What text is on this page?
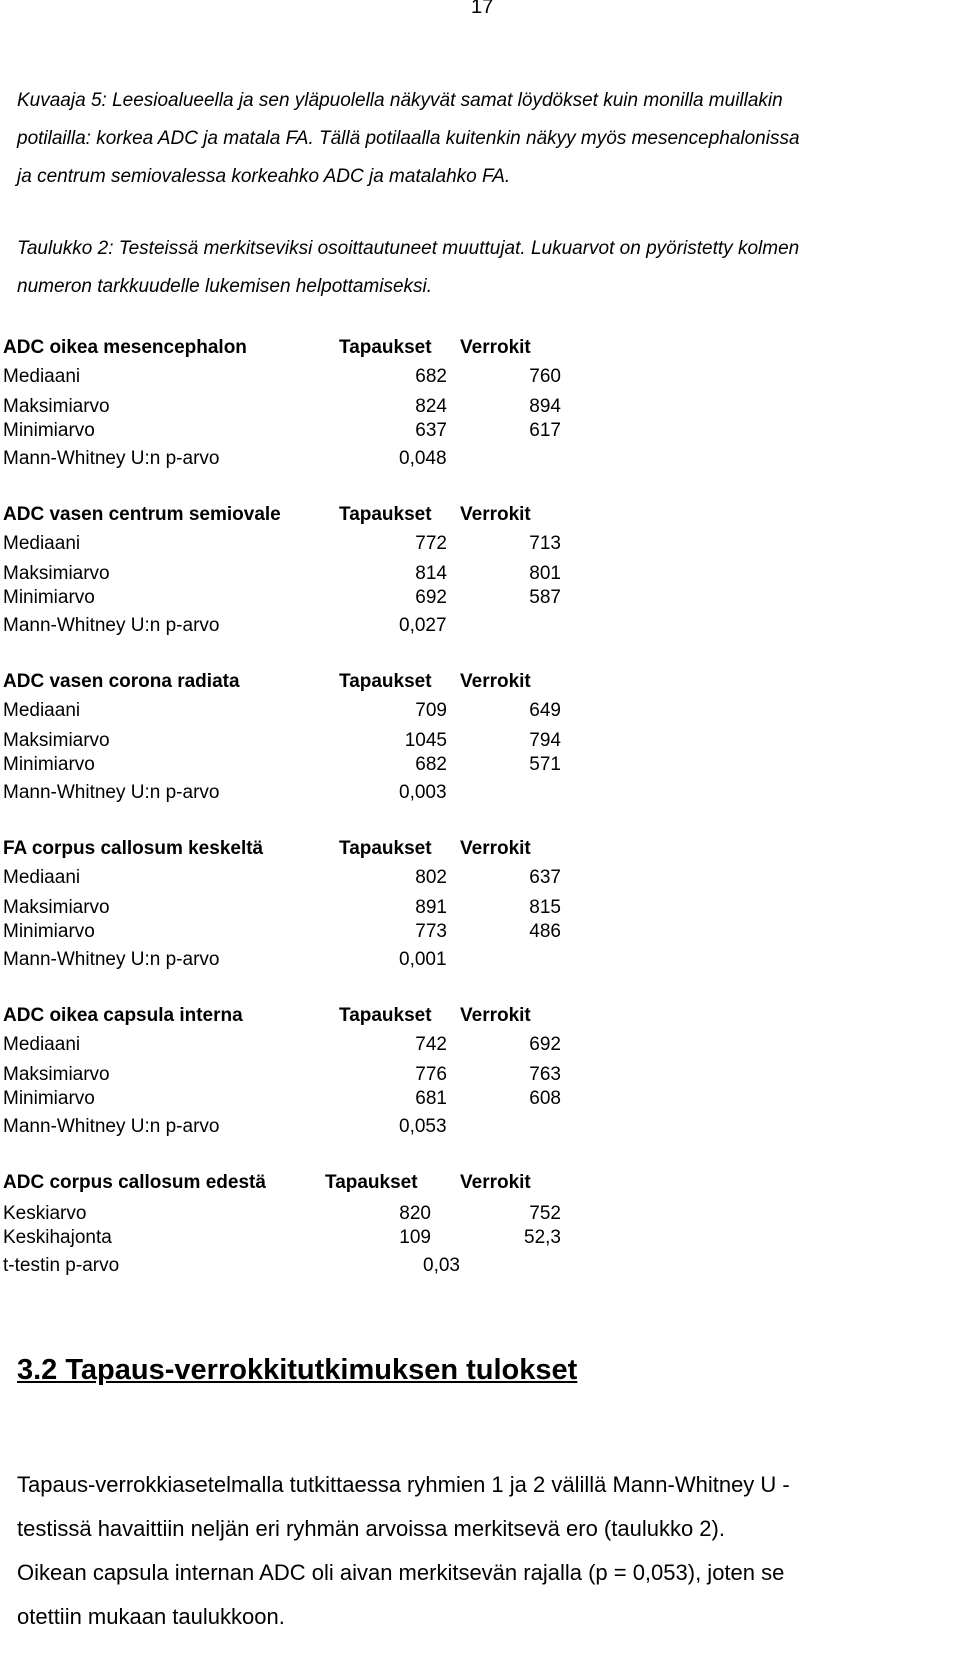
17
Kuvaaja 5: Leesioalueella ja sen yläpuolella näkyvät samat löydökset kuin monilla muillakin
potilailla: korkea ADC ja matala FA. Tällä potilaalla kuitenkin näkyy myös mesencephalonissa
ja centrum semiovalessa korkeahko ADC ja matalahko FA.
Taulukko 2: Testeissä merkitseviksi osoittautuneet muuttujat. Lukuarvot on pyöristetty kolmen
numeron tarkkuudelle lukemisen helpottamiseksi.
ADC oikea mesencephalon	Tapaukset Verrokit
Mediaani	682	760
Maksimiarvo	824	894
Minimiarvo	637	617
Mann-Whitney U:n p-arvo	0,048
ADC vasen centrum semiovale	Tapaukset Verrokit
Mediaani	772	713
Maksimiarvo	814	801
Minimiarvo	692	587
Mann-Whitney U:n p-arvo	0,027
ADC vasen corona radiata	Tapaukset Verrokit
Mediaani	709	649
Maksimiarvo	1045	794
Minimiarvo	682	571
Mann-Whitney U:n p-arvo	0,003
FA corpus callosum keskeltä	Tapaukset Verrokit
Mediaani	802	637
Maksimiarvo	891	815
Minimiarvo	773	486
Mann-Whitney U:n p-arvo	0,001
ADC oikea capsula interna	Tapaukset Verrokit
Mediaani	742	692
Maksimiarvo	776	763
Minimiarvo	681	608
Mann-Whitney U:n p-arvo	0,053
ADC corpus callosum edestä	Tapaukset Verrokit
Keskiarvo	820	752
Keskihajonta	109	52,3
t-testin p-arvo	0,03
3.2 Tapaus-verrokkitutkimuksen tulokset
Tapaus-verrokkiasetelmalla tutkittaessa ryhmien 1 ja 2 välillä Mann-Whitney U -
testissä havaittiin neljän eri ryhmän arvoissa merkitsevä ero (taulukko 2).
Oikean capsula internan ADC oli aivan merkitsevän rajalla (p = 0,053), joten se
otettiin mukaan taulukkoon.
